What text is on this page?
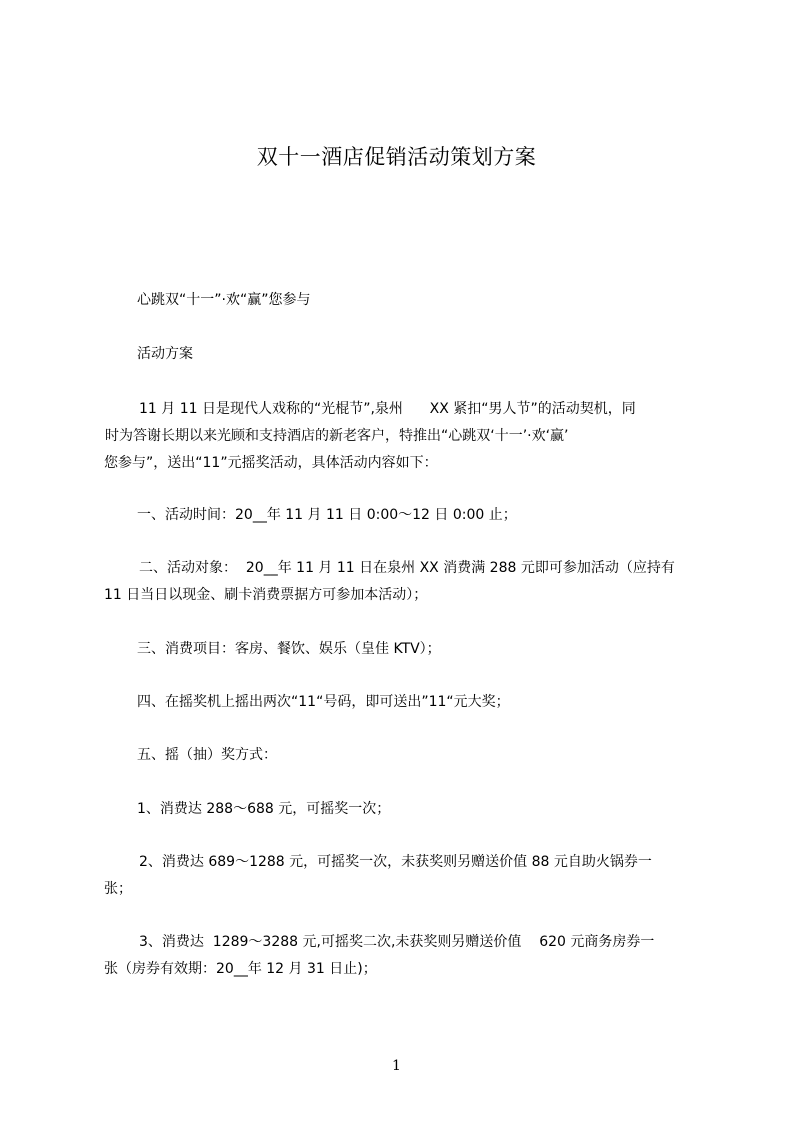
双十一酒店促销活动策划方案
心跳双“十一”·欢“赢”您参与
活动方案
11 月 11 日是现代人戏称的“光棍节”,泉州      XX 紧扣“男人节”的活动契机，同
时为答谢长期以来光顾和支持酒店的新老客户，特推出“心跳双‘十一’·欢‘赢’
您参与”，送出“11”元摇奖活动，具体活动内容如下：
一、活动时间：20__年 11 月 11 日 0:00～12 日 0:00 止；
二、活动对象：  20__年 11 月 11 日在泉州 XX 消费满 288 元即可参加活动（应持有
11 日当日以现金、刷卡消费票据方可参加本活动）；
三、消费项目：客房、餐饮、娱乐（皇佳 KTV）；
四、在摇奖机上摇出两次“11“号码，即可送出”11“元大奖；
五、摇（抽）奖方式：
1、消费达 288～688 元，可摇奖一次；
2、消费达 689～1288 元，可摇奖一次，未获奖则另赠送价值 88 元自助火锅券一
张；
3、消费达  1289～3288 元,可摇奖二次,未获奖则另赠送价值    620 元商务房券一
张（房券有效期：20__年 12 月 31 日止)；
1
